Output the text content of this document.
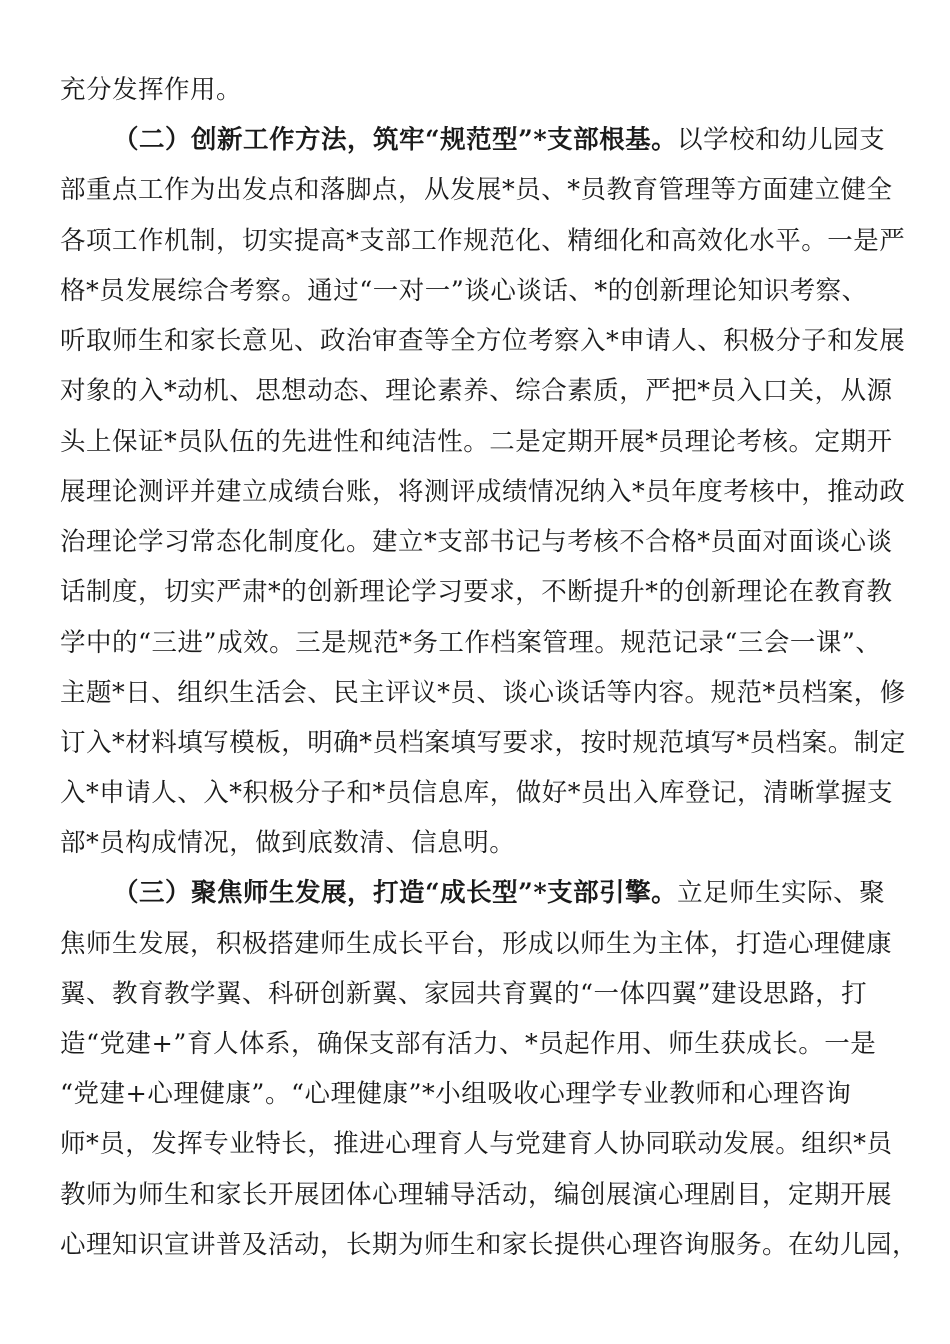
充分发挥作用。
（二）创新工作方法，筑牢“规范型”*支部根基。以学校和幼儿园支
部重点工作为出发点和落脚点，从发展*员、*员教育管理等方面建立健全
各项工作机制，切实提高*支部工作规范化、精细化和高效化水平。一是严
格*员发展综合考察。通过“一对一”谈心谈话、*的创新理论知识考察、
听取师生和家长意见、政治审查等全方位考察入*申请人、积极分子和发展
对象的入*动机、思想动态、理论素养、综合素质，严把*员入口关，从源
头上保证*员队伍的先进性和纯洁性。二是定期开展*员理论考核。定期开
展理论测评并建立成绩台账，将测评成绩情况纳入*员年度考核中，推动政
治理论学习常态化制度化。建立*支部书记与考核不合格*员面对面谈心谈
话制度，切实严肃*的创新理论学习要求，不断提升*的创新理论在教育教
学中的“三进”成效。三是规范*务工作档案管理。规范记录“三会一课”、
主题*日、组织生活会、民主评议*员、谈心谈话等内容。规范*员档案，修
订入*材料填写模板，明确*员档案填写要求，按时规范填写*员档案。制定
入*申请人、入*积极分子和*员信息库，做好*员出入库登记，清晰掌握支
部*员构成情况，做到底数清、信息明。
（三）聚焦师生发展，打造“成长型”*支部引擎。立足师生实际、聚
焦师生发展，积极搭建师生成长平台，形成以师生为主体，打造心理健康
翼、教育教学翼、科研创新翼、家园共育翼的“一体四翼”建设思路，打
造“党建+”育人体系，确保支部有活力、*员起作用、师生获成长。一是
“党建+心理健康”。“心理健康”*小组吸收心理学专业教师和心理咨询
师*员，发挥专业特长，推进心理育人与党建育人协同联动发展。组织*员
教师为师生和家长开展团体心理辅导活动，编创展演心理剧目，定期开展
心理知识宣讲普及活动，长期为师生和家长提供心理咨询服务。在幼儿园，
